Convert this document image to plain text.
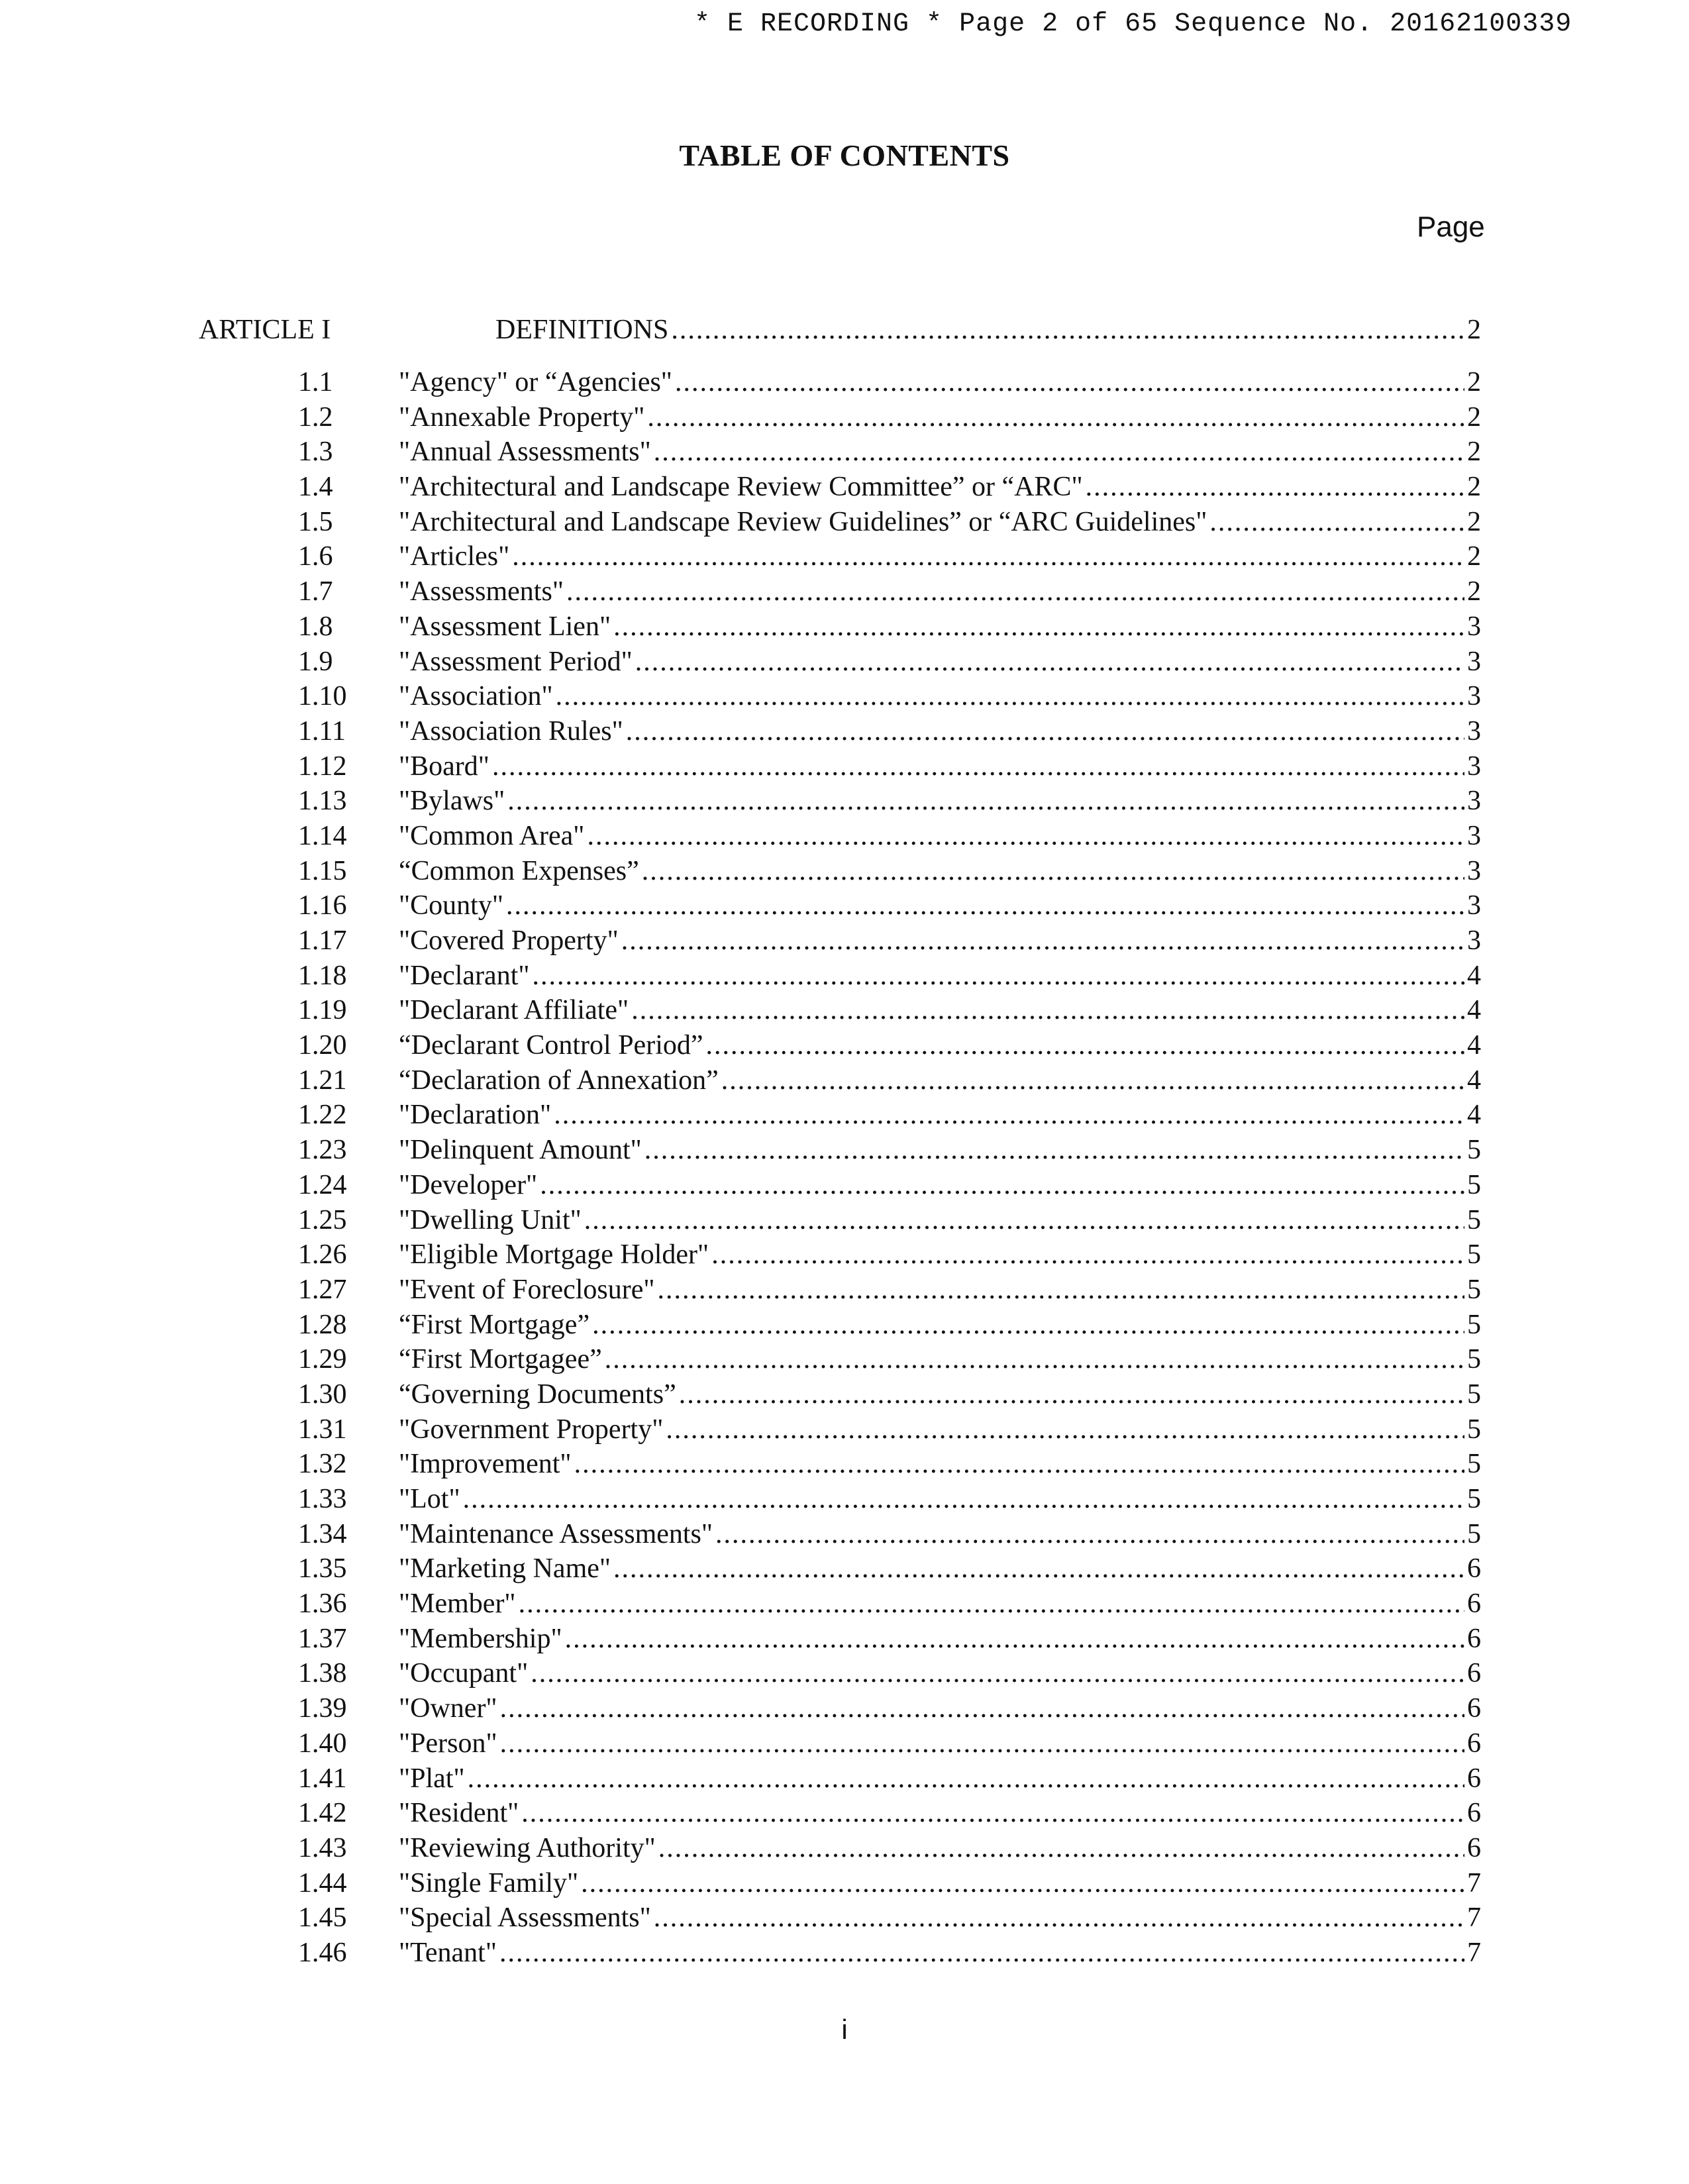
* E RECORDING * Page 2 of 65 Sequence No. 20162100339
TABLE OF CONTENTS
Page
ARTICLE I	DEFINITIONS .....	2
1.1 "Agency" or “Agencies" .....	2
1.2 "Annexable Property" .....	2
1.3 "Annual Assessments" .....	2
1.4 "Architectural and Landscape Review Committee” or “ARC" .....	2
1.5 "Architectural and Landscape Review Guidelines” or “ARC Guidelines" .....	2
1.6 "Articles" .....	2
1.7 "Assessments" .....	2
1.8 "Assessment Lien" .....	3
1.9 "Assessment Period" .....	3
1.10 "Association" .....	3
1.11 "Association Rules" .....	3
1.12 "Board" .....	3
1.13 "Bylaws" .....	3
1.14 "Common Area" .....	3
1.15 “Common Expenses” .....	3
1.16 "County" .....	3
1.17 "Covered Property" .....	3
1.18 "Declarant" .....	4
1.19 "Declarant Affiliate" .....	4
1.20 “Declarant Control Period” .....	4
1.21 “Declaration of Annexation” .....	4
1.22 "Declaration" .....	4
1.23 "Delinquent Amount" .....	5
1.24 "Developer" .....	5
1.25 "Dwelling Unit" .....	5
1.26 "Eligible Mortgage Holder" .....	5
1.27 "Event of Foreclosure" .....	5
1.28 “First Mortgage” .....	5
1.29 “First Mortgagee” .....	5
1.30 “Governing Documents” .....	5
1.31 "Government Property" .....	5
1.32 "Improvement" .....	5
1.33 "Lot" .....	5
1.34 "Maintenance Assessments" .....	5
1.35 "Marketing Name" .....	6
1.36 "Member" .....	6
1.37 "Membership" .....	6
1.38 "Occupant" .....	6
1.39 "Owner" .....	6
1.40 "Person" .....	6
1.41 "Plat" .....	6
1.42 "Resident" .....	6
1.43 "Reviewing Authority" .....	6
1.44 "Single Family" .....	7
1.45 "Special Assessments" .....	7
1.46 "Tenant" .....	7
i
